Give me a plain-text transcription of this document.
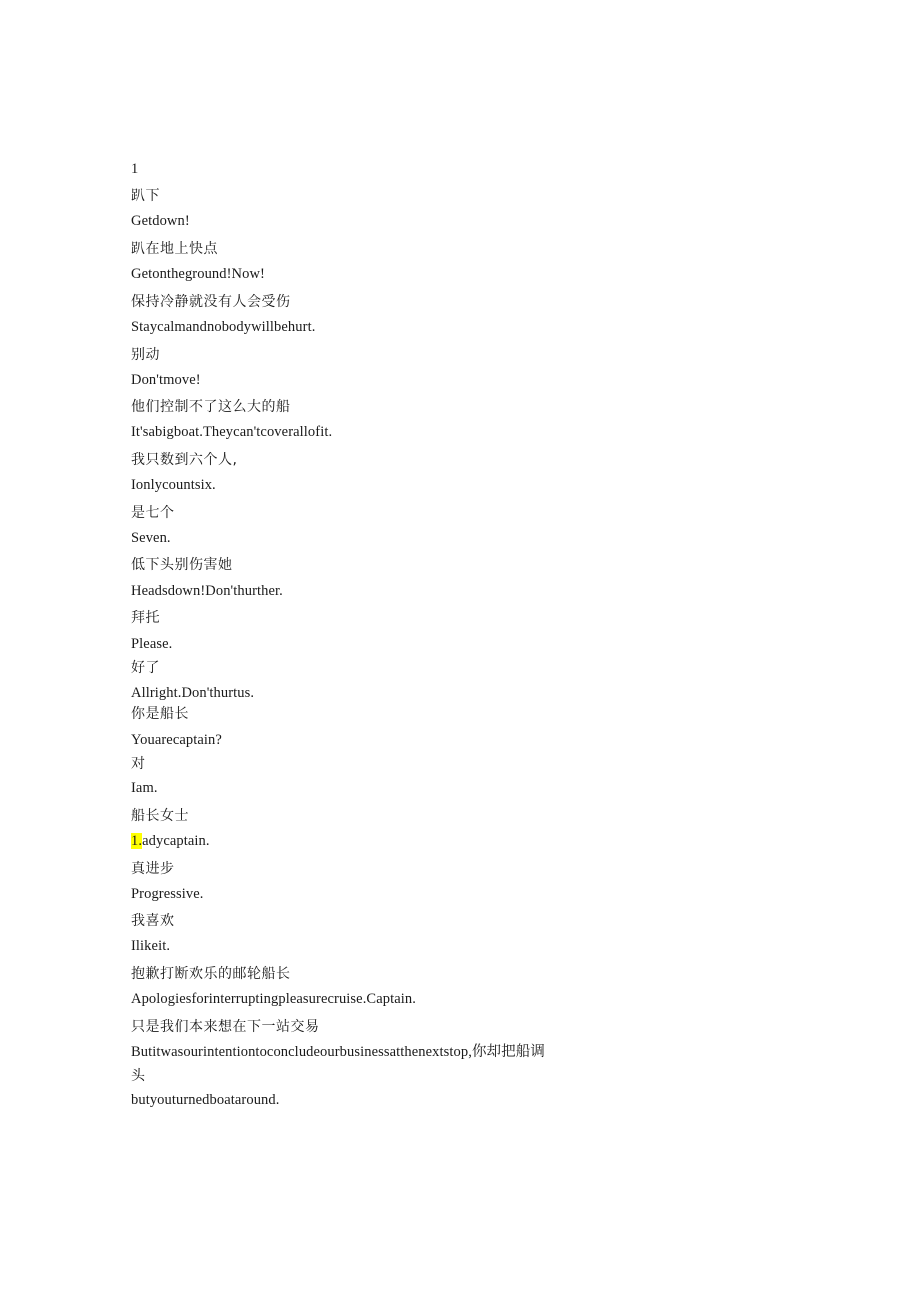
1
趴下
Getdown!
趴在地上快点
Getontheground!Now!
保持冷静就没有人会受伤
Staycalmandnobodywillbehurt.
别动
Don'tmove!
他们控制不了这么大的船
It'sabigboat.Theycan'tcoverallofit.
我只数到六个人,
Ionlycountsix.
是七个
Seven.
低下头别伤害她
Headsdown!Don'thurther.
拜托
Please.
好了
Allright.Don'thurtus.
你是船长
Youarecaptain?
对
Iam.
船长女士
1.adycaptain.
真进步
Progressive.
我喜欢
Ilikeit.
抱歉打断欢乐的邮轮船长
Apologiesforinterruptingpleasurecruise.Captain.
只是我们本来想在下一站交易
Butitwasourintentiontoconcludeourbusinessatthenextstop,你却把船调
头
butyouturnedboataround.
